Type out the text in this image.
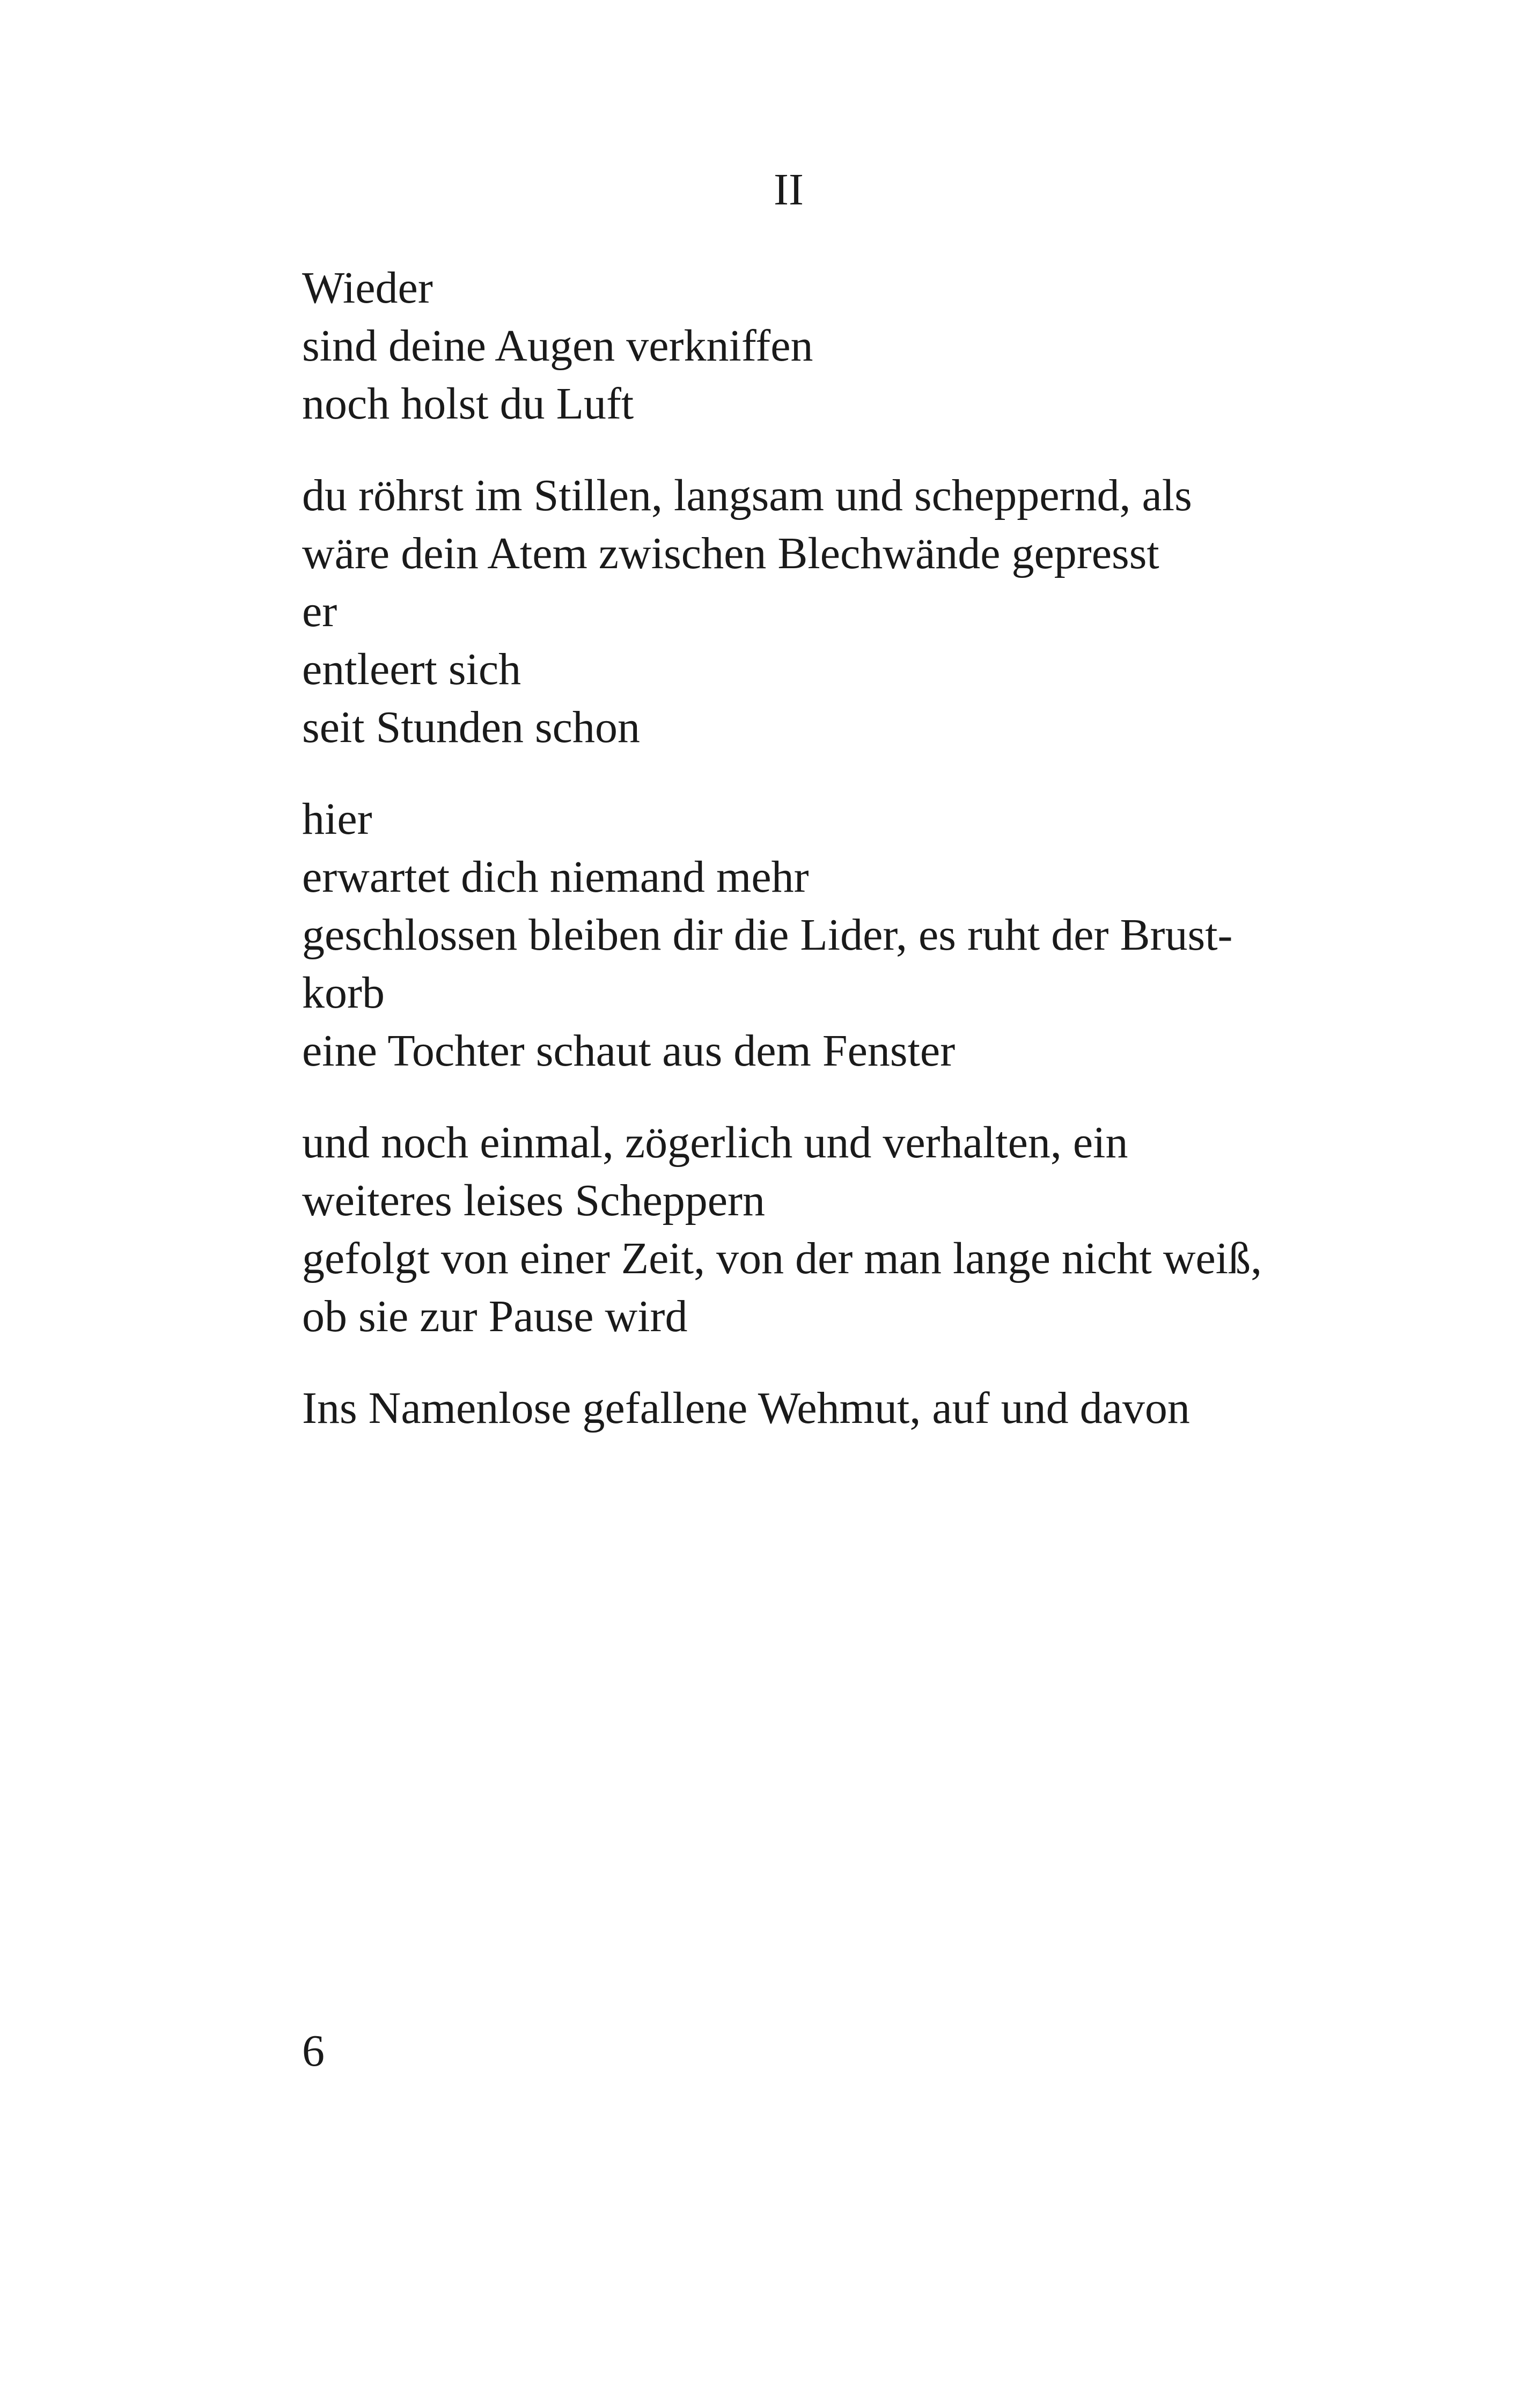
II
Wieder
sind deine Augen verkniffen
noch holst du Luft
du röhrst im Stillen, langsam und scheppernd, als
wäre dein Atem zwischen Blechwände gepresst
er
entleert sich
seit Stunden schon
hier
erwartet dich niemand mehr
geschlossen bleiben dir die Lider, es ruht der Brust-
korb
eine Tochter schaut aus dem Fenster
und noch einmal, zögerlich und verhalten, ein
weiteres leises Scheppern
gefolgt von einer Zeit, von der man lange nicht weiß,
ob sie zur Pause wird
Ins Namenlose gefallene Wehmut, auf und davon
6
